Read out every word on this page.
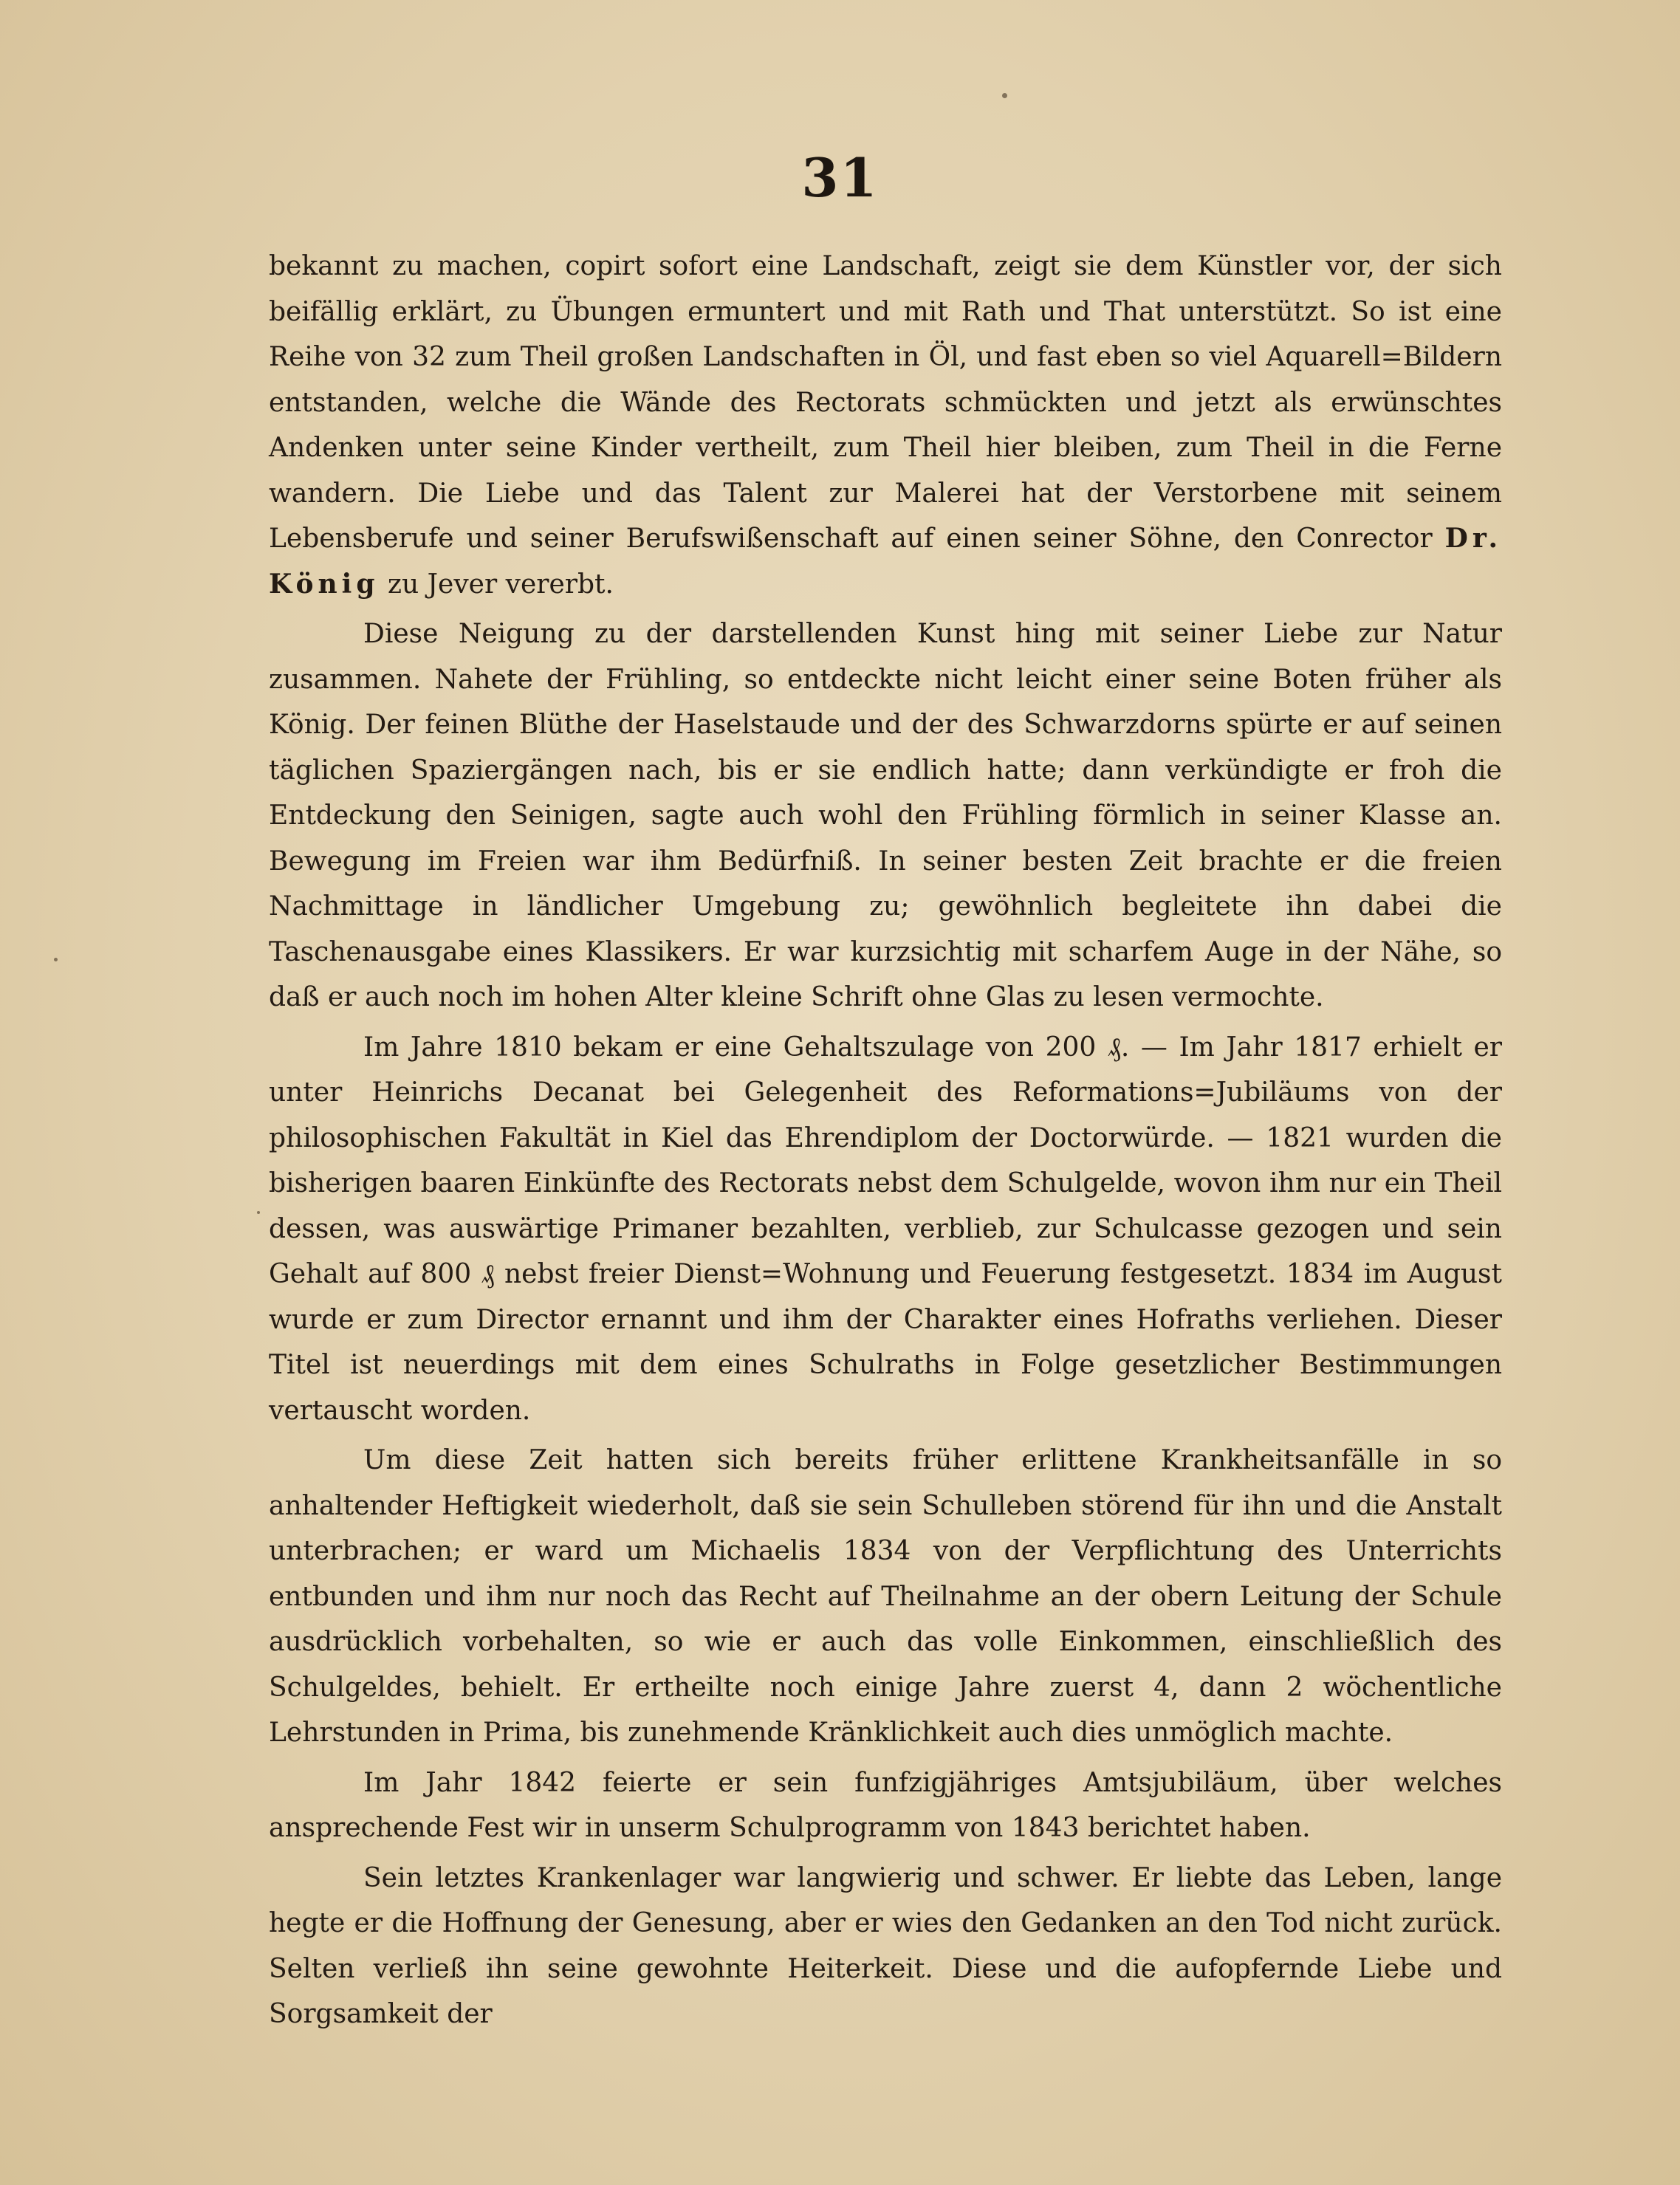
31

bekannt zu machen, copirt sofort eine Landschaft, zeigt sie dem Künstler vor, der sich beifällig erklärt, zu Übungen ermuntert und mit Rath und That unterstützt. So ist eine Reihe von 32 zum Theil großen Landschaften in Öl, und fast eben so viel Aquarell=Bildern entstanden, welche die Wände des Rectorats schmückten und jetzt als erwünschtes Andenken unter seine Kinder vertheilt, zum Theil hier bleiben, zum Theil in die Ferne wandern. Die Liebe und das Talent zur Malerei hat der Verstorbene mit seinem Lebensberufe und seiner Berufswißenschaft auf einen seiner Söhne, den Conrector Dr. König zu Jever vererbt.

Diese Neigung zu der darstellenden Kunst hing mit seiner Liebe zur Natur zusammen. Nahete der Frühling, so entdeckte nicht leicht einer seine Boten früher als König. Der feinen Blüthe der Haselstaude und der des Schwarzdorns spürte er auf seinen täglichen Spaziergängen nach, bis er sie endlich hatte; dann verkündigte er froh die Entdeckung den Seinigen, sagte auch wohl den Frühling förmlich in seiner Klasse an. Bewegung im Freien war ihm Bedürfniß. In seiner besten Zeit brachte er die freien Nachmittage in ländlicher Umgebung zu; gewöhnlich begleitete ihn dabei die Taschenausgabe eines Klassikers. Er war kurzsichtig mit scharfem Auge in der Nähe, so daß er auch noch im hohen Alter kleine Schrift ohne Glas zu lesen vermochte.

Im Jahre 1810 bekam er eine Gehaltszulage von 200 ₰. — Im Jahr 1817 erhielt er unter Heinrichs Decanat bei Gelegenheit des Reformations=Jubiläums von der philosophischen Fakultät in Kiel das Ehrendiplom der Doctorwürde. — 1821 wurden die bisherigen baaren Einkünfte des Rectorats nebst dem Schulgelde, wovon ihm nur ein Theil dessen, was auswärtige Primaner bezahlten, verblieb, zur Schulcasse gezogen und sein Gehalt auf 800 ₰ nebst freier Dienst=Wohnung und Feuerung festgesetzt. 1834 im August wurde er zum Director ernannt und ihm der Charakter eines Hofraths verliehen. Dieser Titel ist neuerdings mit dem eines Schulraths in Folge gesetzlicher Bestimmungen vertauscht worden.

Um diese Zeit hatten sich bereits früher erlittene Krankheitsanfälle in so anhaltender Heftigkeit wiederholt, daß sie sein Schulleben störend für ihn und die Anstalt unterbrachen; er ward um Michaelis 1834 von der Verpflichtung des Unterrichts entbunden und ihm nur noch das Recht auf Theilnahme an der obern Leitung der Schule ausdrücklich vorbehalten, so wie er auch das volle Einkommen, einschließlich des Schulgeldes, behielt. Er ertheilte noch einige Jahre zuerst 4, dann 2 wöchentliche Lehrstunden in Prima, bis zunehmende Kränklichkeit auch dies unmöglich machte.

Im Jahr 1842 feierte er sein funfzigjähriges Amtsjubiläum, über welches ansprechende Fest wir in unserm Schulprogramm von 1843 berichtet haben.

Sein letztes Krankenlager war langwierig und schwer. Er liebte das Leben, lange hegte er die Hoffnung der Genesung, aber er wies den Gedanken an den Tod nicht zurück. Selten verließ ihn seine gewohnte Heiterkeit. Diese und die aufopfernde Liebe und Sorgsamkeit der
